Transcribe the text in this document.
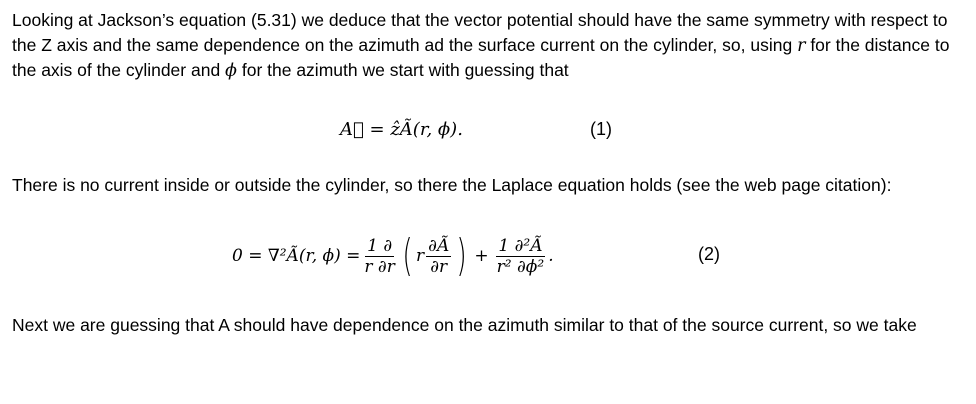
Looking at Jackson’s equation (5.31) we deduce that the vector potential should have the same symmetry with respect to the Z axis and the same dependence on the azimuth ad the surface current on the cylinder, so, using r for the distance to the axis of the cylinder and ϕ for the azimuth we start with guessing that
A⃗ = ẑÃ(r, ϕ).	(1)
There is no current inside or outside the cylinder, so there the Laplace equation holds (see the web page citation):
0 = ∇²Ã(r, $\phi) = \frac{1 \partial}{r \partial r}$ ( r $\frac{\partial Ã}{\partial r}$ ) + $\frac{\text{1 ∂²Ã}}{\text{r² ∂ϕ²}}$ .	(2)
Next we are guessing that A should have dependence on the azimuth similar to that of the source current, so we take
